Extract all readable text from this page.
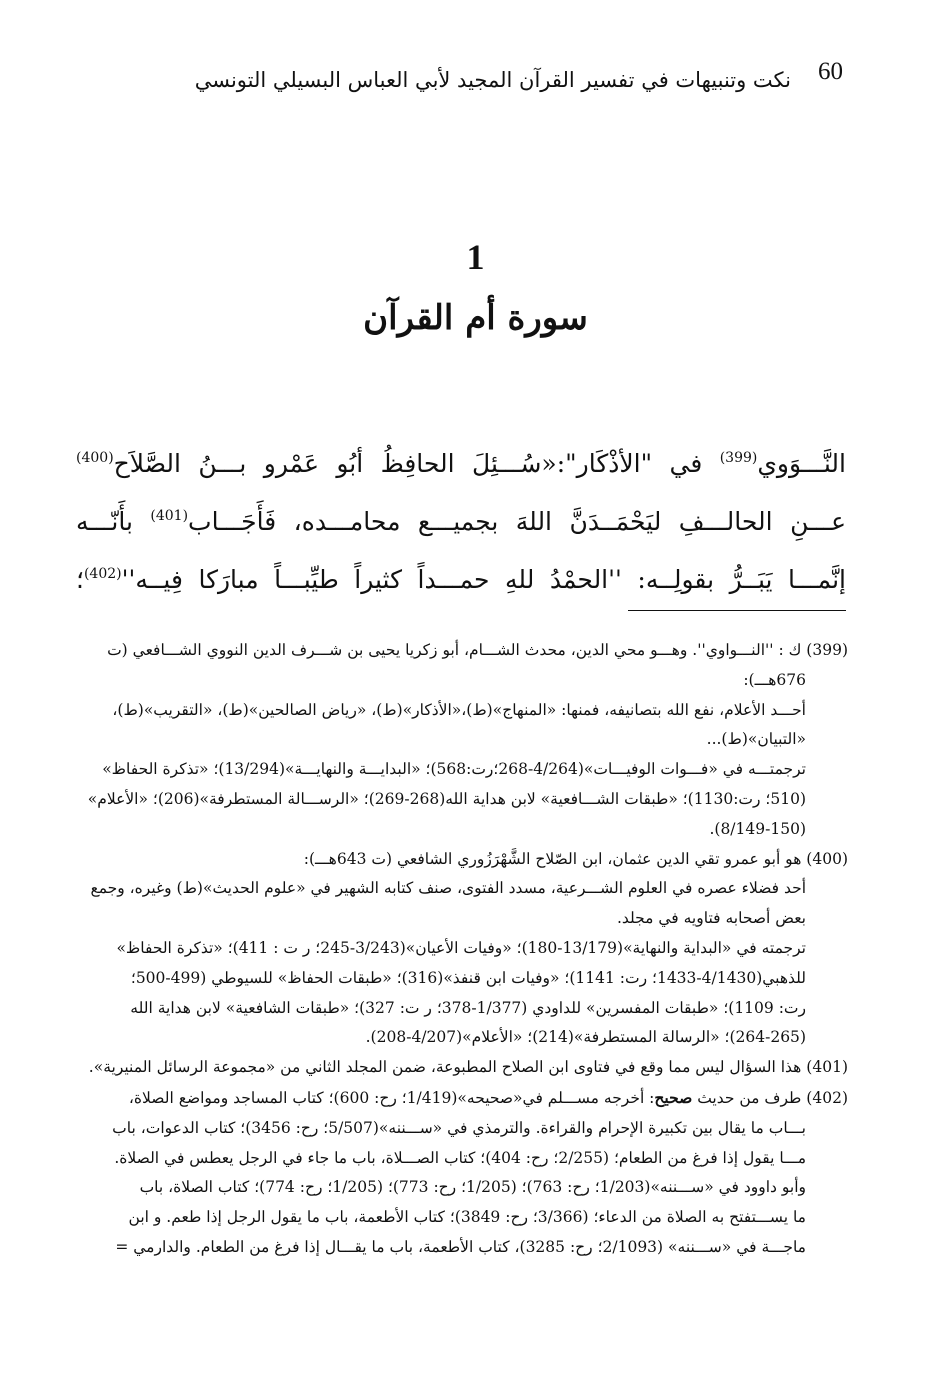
60
نكت وتنبيهات في تفسير القرآن المجيد لأبي العباس البسيلي التونسي
1
سورة أم القرآن
النَّـــوَوي$^{(399)}$ في "الأذْكَار":«سُـــئِلَ الحافِظُ أبُو عَمْرو بـــنُ الصَّلاَح$^{(400)}$
عـــنِ الحالـــفِ ليَحْمَــدَنَّ اللهَ بجميـــع محامـــده، فَأَجَـــاب$^{(401)}$ بأَنّـــه
إنَّمـــا يَبَــرُّ بقولِــه: ''الحمْدُ للهِ حمـــداً كثيراً طيِّبـــاً مبارَكا فِيــه''$^{(402)}$؛
(399) ك : ''النـــواوي''. وهـــو محي الدين، محدث الشـــام، أبو زكريا يحيى بن شـــرف الدين النووي الشـــافعي (ت
676هـــ):
أحـــد الأعلام، نفع الله بتصانيفه، فمنها: «المنهاج»(ط)،«الأذكار»(ط)، «رياض الصالحين»(ط)، «التقريب»(ط)،
«التبيان»(ط)...
ترجمتـــه في «فـــوات الوفيـــات»(4/264-268؛رت:568)؛ «البدايـــة والنهايـــة»(13/294)؛ «تذكرة الحفاظ»
(510؛ رت:1130)؛ «طبقات الشـــافعية» لابن هداية الله(268-269)؛ «الرســـالة المستطرفة»(206)؛ «الأعلام»
(8/149-150).
(400) هو أبو عمرو تقي الدين عثمان، ابن الصّلاح الشَّهْرَزُوري الشافعي (ت 643هـــ):
أحد فضلاء عصره في العلوم الشـــرعية، مسدد الفتوى، صنف كتابه الشهير في «علوم الحديث»(ط) وغيره، وجمع
بعض أصحابه فتاويه في مجلد.
ترجمته في «البداية والنهاية»(13/179-180)؛ «وفيات الأعيان»(3/243-245؛ ر ت : 411)؛ «تذكرة الحفاظ»
للذهبي(4/1430-1433؛ رت: 1141)؛ «وفيات ابن قنفذ»(316)؛ «طبقات الحفاظ» للسيوطي (499-500؛
رت: 1109)؛ «طبقات المفسرين» للداودي (1/377-378؛ ر ت: 327)؛ «طبقات الشافعية» لابن هداية الله
(264-265)؛ «الرسالة المستطرفة»(214)؛ «الأعلام»(4/207-208).
(401) هذا السؤال ليس مما وقع في فتاوى ابن الصلاح المطبوعة، ضمن المجلد الثاني من «مجموعة الرسائل المنيرية».
(402) طرف من حديث صحيح: أخرجه مســـلم في«صحيحه»(1/419؛ رح: 600)؛ كتاب المساجد ومواضع الصلاة،
بـــاب ما يقال بين تكبيرة الإحرام والقراءة. والترمذي في «ســـننه»(5/507؛ رح: 3456)؛ كتاب الدعوات، باب
مـــا يقول إذا فرغ من الطعام؛ (2/255؛ رح: 404)؛ كتاب الصـــلاة، باب ما جاء في الرجل يعطس في الصلاة.
وأبو داوود في «ســـننه»(1/203؛ رح: 763)؛ (1/205؛ رح: 773)؛ (1/205؛ رح: 774)؛ كتاب الصلاة، باب
ما يســـتفتح به الصلاة من الدعاء؛ (3/366؛ رح: 3849)؛ كتاب الأطعمة، باب ما يقول الرجل إذا طعم. و ابن
ماجـــة في «ســـننه» (2/1093؛ رح: 3285)، كتاب الأطعمة، باب ما يقـــال إذا فرغ من الطعام. والدارمي =
